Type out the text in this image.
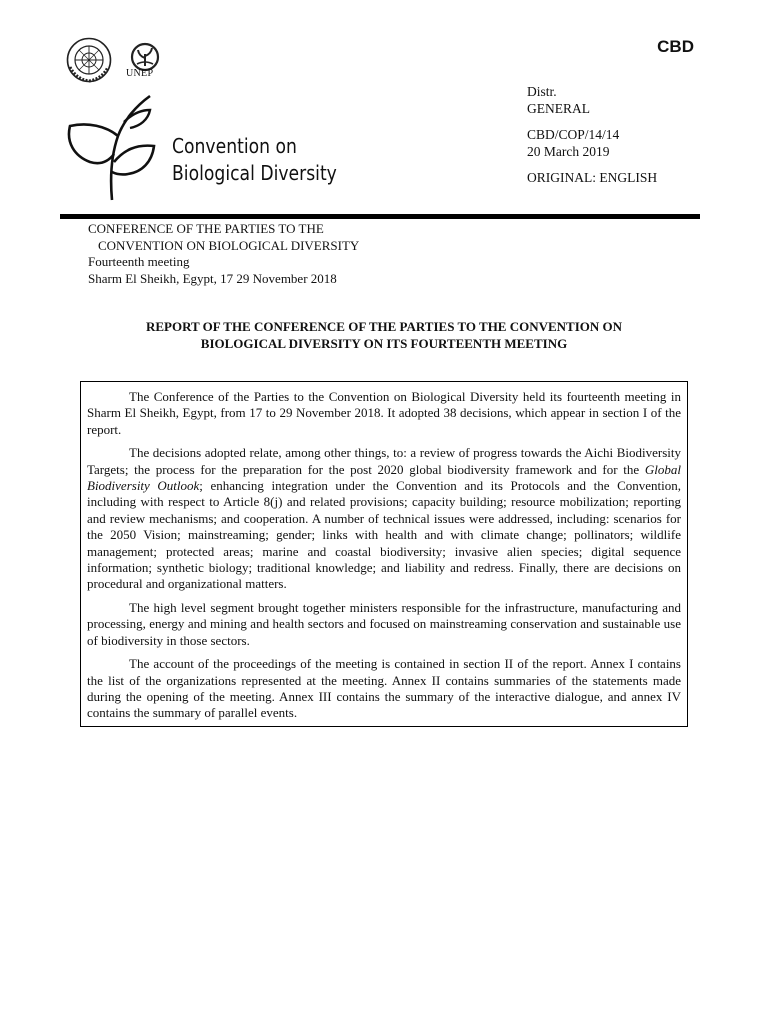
UNEP
CBD
Convention on
Biological Diversity
Distr.
GENERAL
CBD/COP/14/14
20 March 2019
ORIGINAL: ENGLISH
CONFERENCE OF THE PARTIES TO THE
CONVENTION ON BIOLOGICAL DIVERSITY
Fourteenth meeting
Sharm El Sheikh, Egypt, 17 29 November 2018
REPORT OF THE CONFERENCE OF THE PARTIES TO THE CONVENTION ON
BIOLOGICAL DIVERSITY ON ITS FOURTEENTH MEETING

The Conference of the Parties to the Convention on Biological Diversity held its fourteenth meeting in Sharm El Sheikh, Egypt, from 17 to 29 November 2018. It adopted 38 decisions, which appear in section I of the report.

The decisions adopted relate, among other things, to: a review of progress towards the Aichi Biodiversity Targets; the process for the preparation for the post 2020 global biodiversity framework and for the Global Biodiversity Outlook; enhancing integration under the Convention and its Protocols and the Convention, including with respect to Article 8(j) and related provisions; capacity building; resource mobilization; reporting and review mechanisms; and cooperation. A number of technical issues were addressed, including: scenarios for the 2050 Vision; mainstreaming; gender; links with health and with climate change; pollinators; wildlife management; protected areas; marine and coastal biodiversity; invasive alien species; digital sequence information; synthetic biology; traditional knowledge; and liability and redress. Finally, there are decisions on procedural and organizational matters.

The high level segment brought together ministers responsible for the infrastructure, manufacturing and processing, energy and mining and health sectors and focused on mainstreaming conservation and sustainable use of biodiversity in those sectors.

The account of the proceedings of the meeting is contained in section II of the report. Annex I contains the list of the organizations represented at the meeting. Annex II contains summaries of the statements made during the opening of the meeting. Annex III contains the summary of the interactive dialogue, and annex IV contains the summary of parallel events.
